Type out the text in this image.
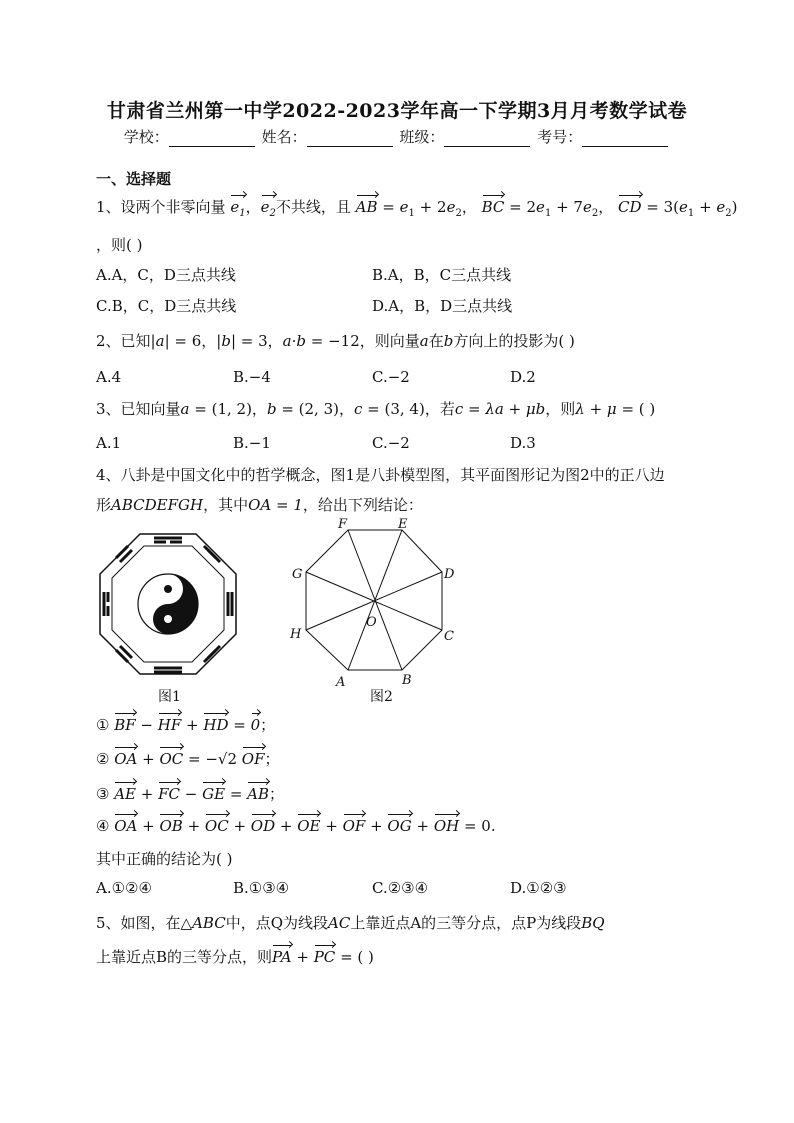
甘肃省兰州第一中学2022-2023学年高一下学期3月月考数学试卷
学校：	姓名：	班级：	考号：
一、选择题
1、设两个非零向量 $e_1$，$e_2$不共线，且 AB = $e_1 + 2e_2$， BC = $2e_1 + 7e_2$， CD = $3(e_1 + e_2)$
，则( )
A.A，C，D三点共线	B.A，B，C三点共线
C.B，C，D三点共线	D.A，B，D三点共线
2、已知|a| = 6，|b| = 3，a·b = −12，则向量a在b方向上的投影为( )
A.4	B.−4	C.−2	D.2
3、已知向量a = (1, 2)，b = (2, 3)，c = (3, 4)，若c = λa + μb，则λ + μ = ( )
A.1	B.−1	C.−2	D.3
4、八卦是中国文化中的哲学概念，图1是八卦模型图，其平面图形记为图2中的正八边
形ABCDEFGH，其中OA = 1，给出下列结论：
图1
A	B
C
D
E
F
G
H
O
图2
① BF − HF + HD = 0；
② OA + OC = −√2 OF；
③ AE + FC − GE = AB；
④ OA + OB + OC + OD + OE + OF + OG + OH = 0.
其中正确的结论为( )
A.①②④	B.①③④	C.②③④	D.①②③
5、如图，在△ABC中，点Q为线段AC上靠近点A的三等分点，点P为线段BQ
上靠近点B的三等分点，则PA + PC = ( )
